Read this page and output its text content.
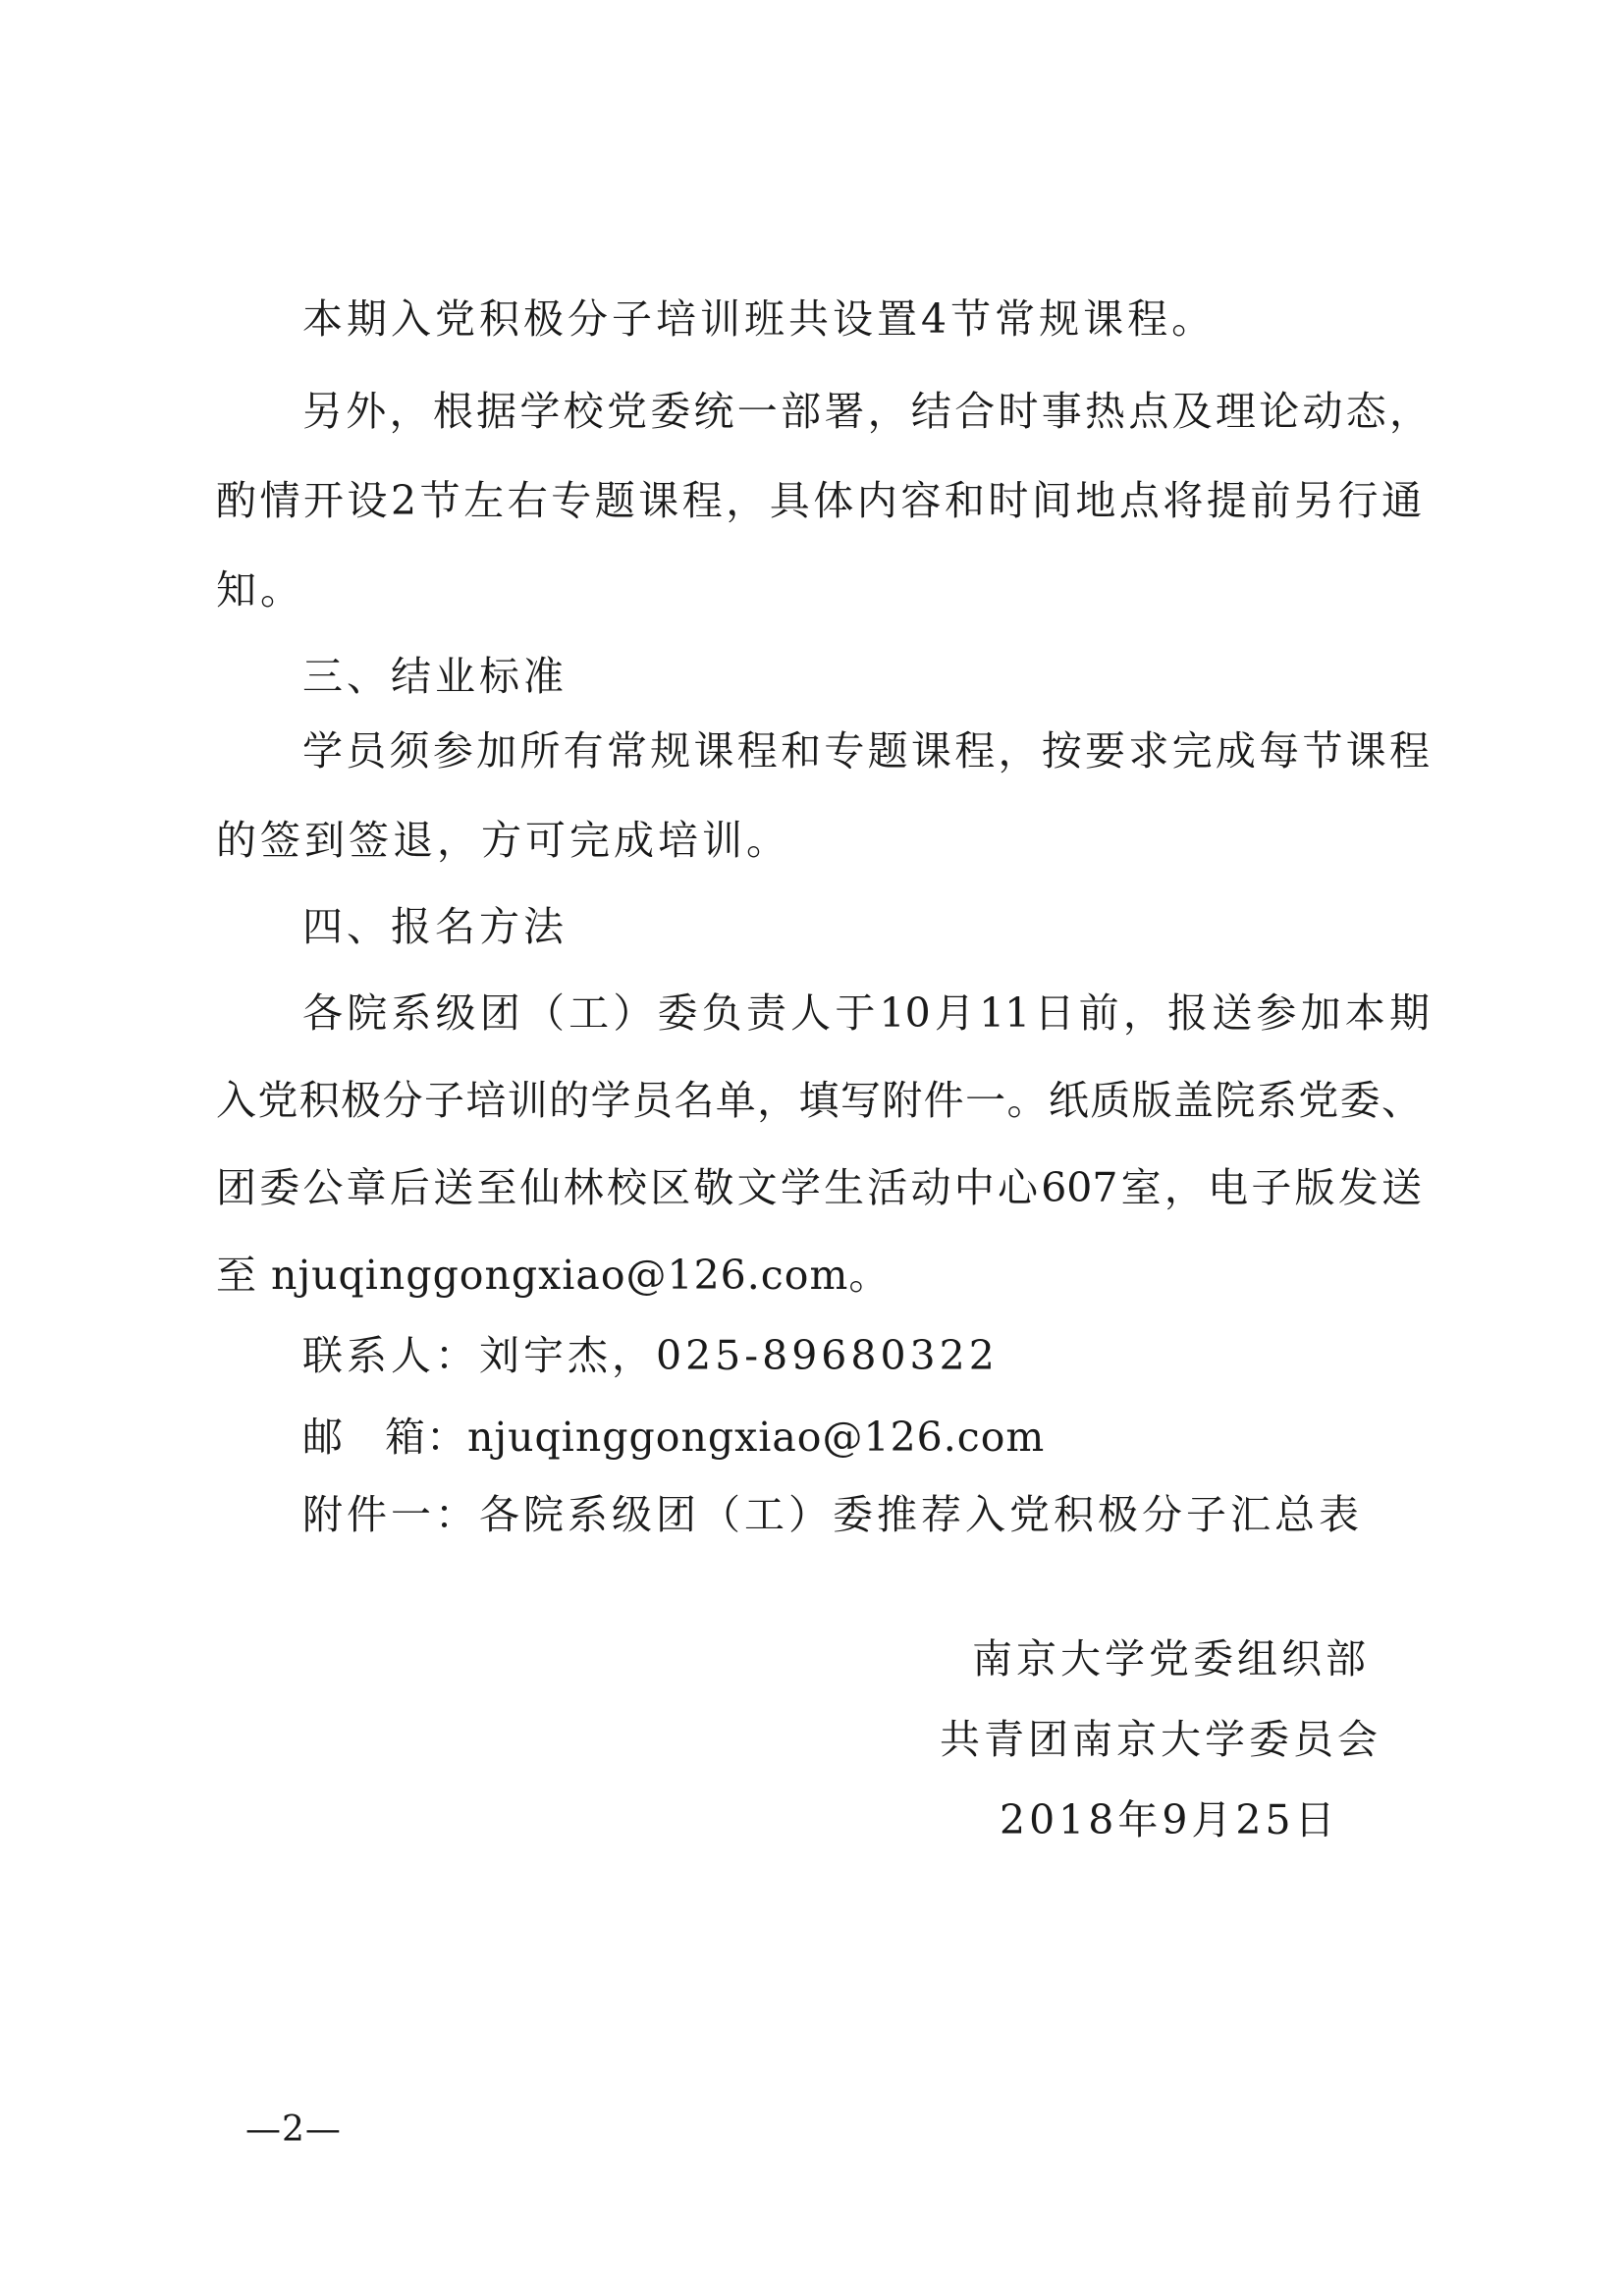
本期入党积极分子培训班共设置4节常规课程。
另外，根据学校党委统一部署，结合时事热点及理论动态，
酌情开设2节左右专题课程，具体内容和时间地点将提前另行通
知。
三、结业标准
学员须参加所有常规课程和专题课程，按要求完成每节课程
的签到签退，方可完成培训。
四、报名方法
各院系级团（工）委负责人于10月11日前，报送参加本期
入党积极分子培训的学员名单，填写附件一。纸质版盖院系党委、
团委公章后送至仙林校区敬文学生活动中心607室，电子版发送
至 njuqinggongxiao@126.com。
联系人：刘宇杰，025-89680322
邮　箱：njuqinggongxiao@126.com
附件一：各院系级团（工）委推荐入党积极分子汇总表
南京大学党委组织部
共青团南京大学委员会
2018年9月25日
—2—
